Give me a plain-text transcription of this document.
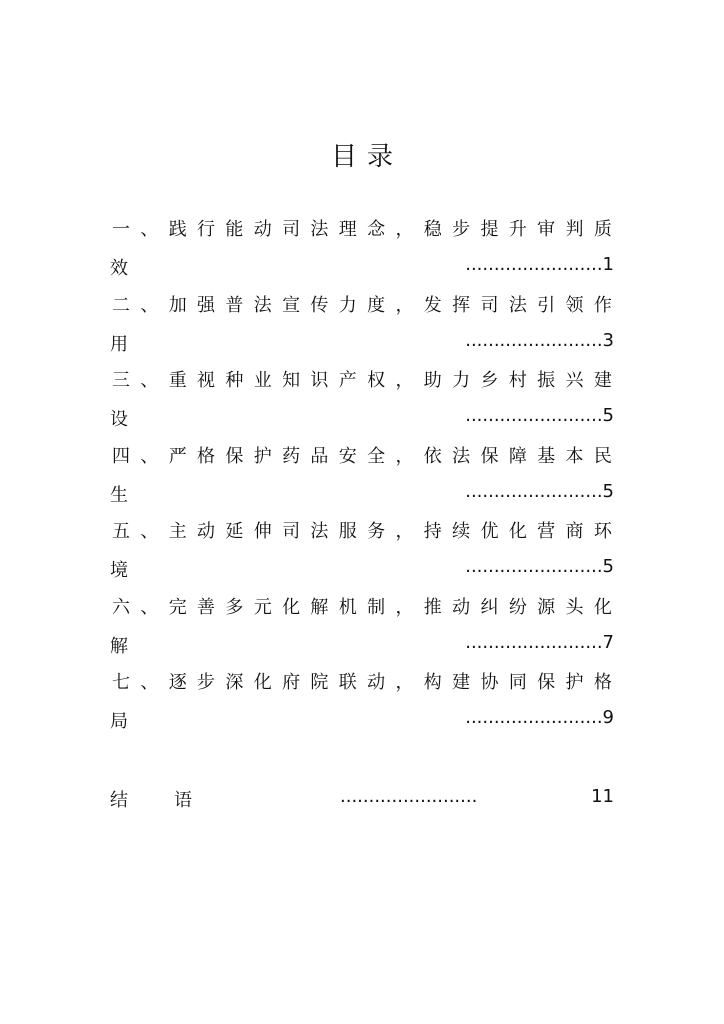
目录
一 、 践 行 能 动 司 法 理 念 ， 稳 步 提 升 审 判 质
效	........................1
二 、 加 强 普 法 宣 传 力 度 ， 发 挥 司 法 引 领 作
用	........................3
三 、 重 视 种 业 知 识 产 权 ， 助 力 乡 村 振 兴 建
设	........................5
四 、 严 格 保 护 药 品 安 全 ， 依 法 保 障 基 本 民
生	........................5
五 、 主 动 延 伸 司 法 服 务 ， 持 续 优 化 营 商 环
境	........................5
六 、 完 善 多 元 化 解 机 制 ， 推 动 纠 纷 源 头 化
解	........................7
七 、 逐 步 深 化 府 院 联 动 ， 构 建 协 同 保 护 格
局	........................9
结	语	........................	11
